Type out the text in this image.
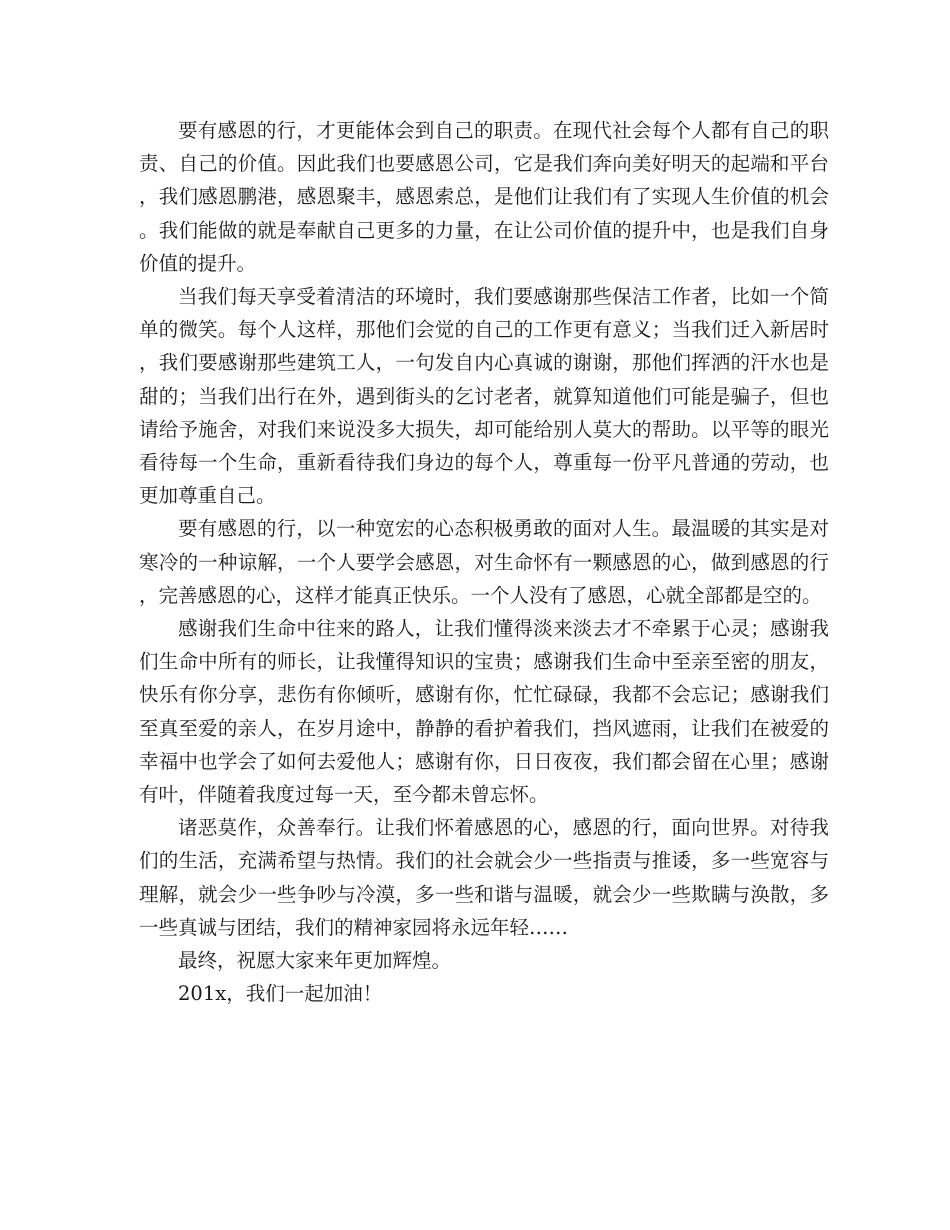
要有感恩的行，才更能体会到自己的职责。在现代社会每个人都有自己的职责、自己的价值。因此我们也要感恩公司，它是我们奔向美好明天的起端和平台，我们感恩鹏港，感恩聚丰，感恩索总，是他们让我们有了实现人生价值的机会。我们能做的就是奉献自己更多的力量，在让公司价值的提升中，也是我们自身价值的提升。

当我们每天享受着清洁的环境时，我们要感谢那些保洁工作者，比如一个简单的微笑。每个人这样，那他们会觉的自己的工作更有意义；当我们迁入新居时，我们要感谢那些建筑工人，一句发自内心真诚的谢谢，那他们挥洒的汗水也是甜的；当我们出行在外，遇到街头的乞讨老者，就算知道他们可能是骗子，但也请给予施舍，对我们来说没多大损失，却可能给别人莫大的帮助。以平等的眼光看待每一个生命，重新看待我们身边的每个人，尊重每一份平凡普通的劳动，也更加尊重自己。

要有感恩的行，以一种宽宏的心态积极勇敢的面对人生。最温暖的其实是对寒冷的一种谅解，一个人要学会感恩，对生命怀有一颗感恩的心，做到感恩的行，完善感恩的心，这样才能真正快乐。一个人没有了感恩，心就全部都是空的。

感谢我们生命中往来的路人，让我们懂得淡来淡去才不牵累于心灵；感谢我们生命中所有的师长，让我懂得知识的宝贵；感谢我们生命中至亲至密的朋友，快乐有你分享，悲伤有你倾听，感谢有你，忙忙碌碌，我都不会忘记；感谢我们至真至爱的亲人，在岁月途中，静静的看护着我们，挡风遮雨，让我们在被爱的幸福中也学会了如何去爱他人；感谢有你，日日夜夜，我们都会留在心里；感谢有叶，伴随着我度过每一天，至今都未曾忘怀。

诸恶莫作，众善奉行。让我们怀着感恩的心，感恩的行，面向世界。对待我们的生活，充满希望与热情。我们的社会就会少一些指责与推诿，多一些宽容与理解，就会少一些争吵与冷漠，多一些和谐与温暖，就会少一些欺瞒与涣散，多一些真诚与团结，我们的精神家园将永远年轻……

最终，祝愿大家来年更加辉煌。

201x，我们一起加油！
